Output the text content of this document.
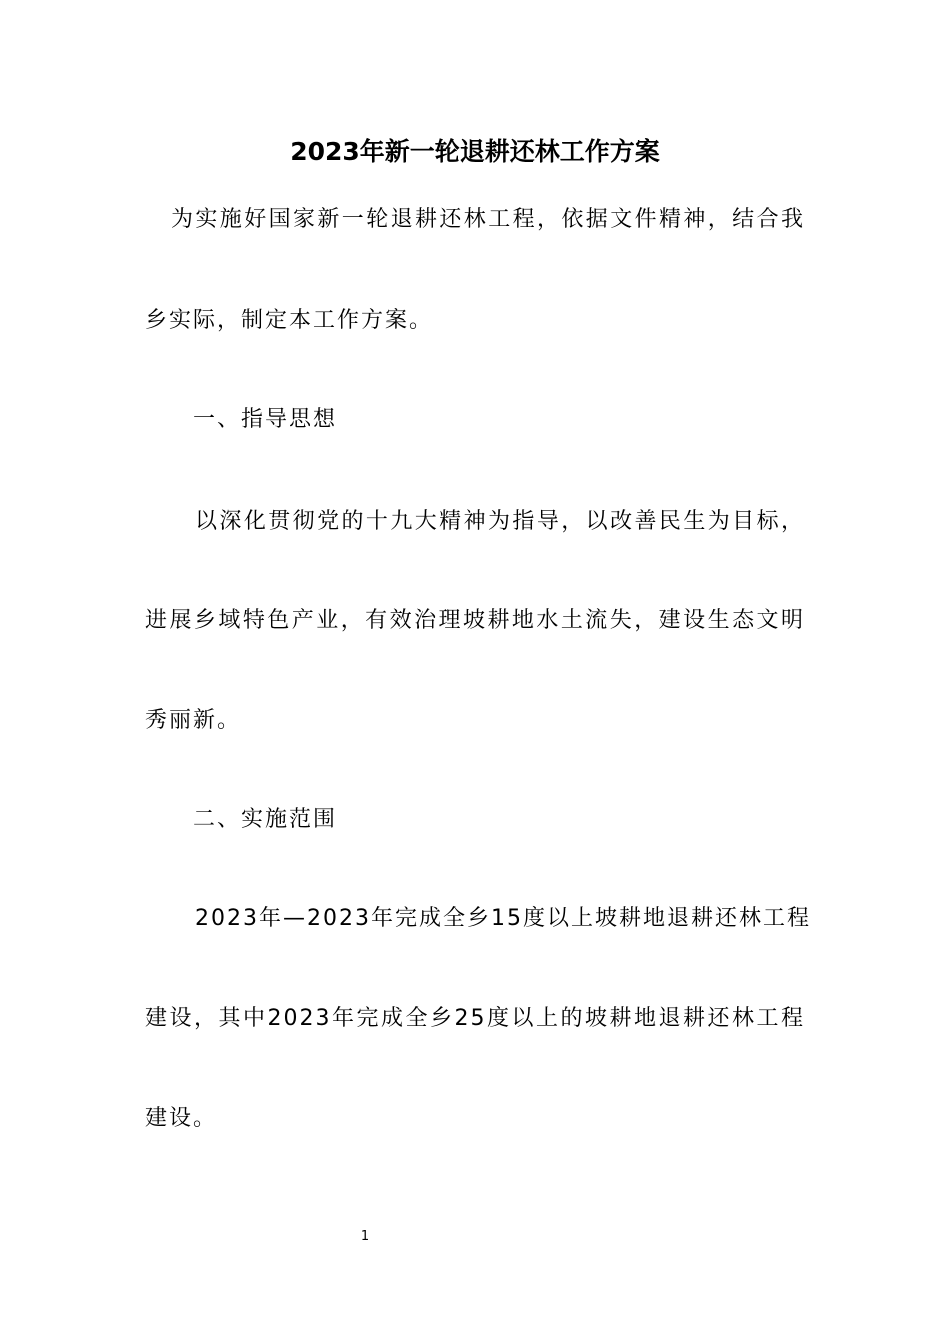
2023年新一轮退耕还林工作方案
为实施好国家新一轮退耕还林工程，依据文件精神，结合我
乡实际，制定本工作方案。
一、指导思想
以深化贯彻党的十九大精神为指导，以改善民生为目标，
进展乡域特色产业，有效治理坡耕地水土流失，建设生态文明
秀丽新。
二、实施范围
2023年—2023年完成全乡15度以上坡耕地退耕还林工程
建设，其中2023年完成全乡25度以上的坡耕地退耕还林工程
建设。
1
